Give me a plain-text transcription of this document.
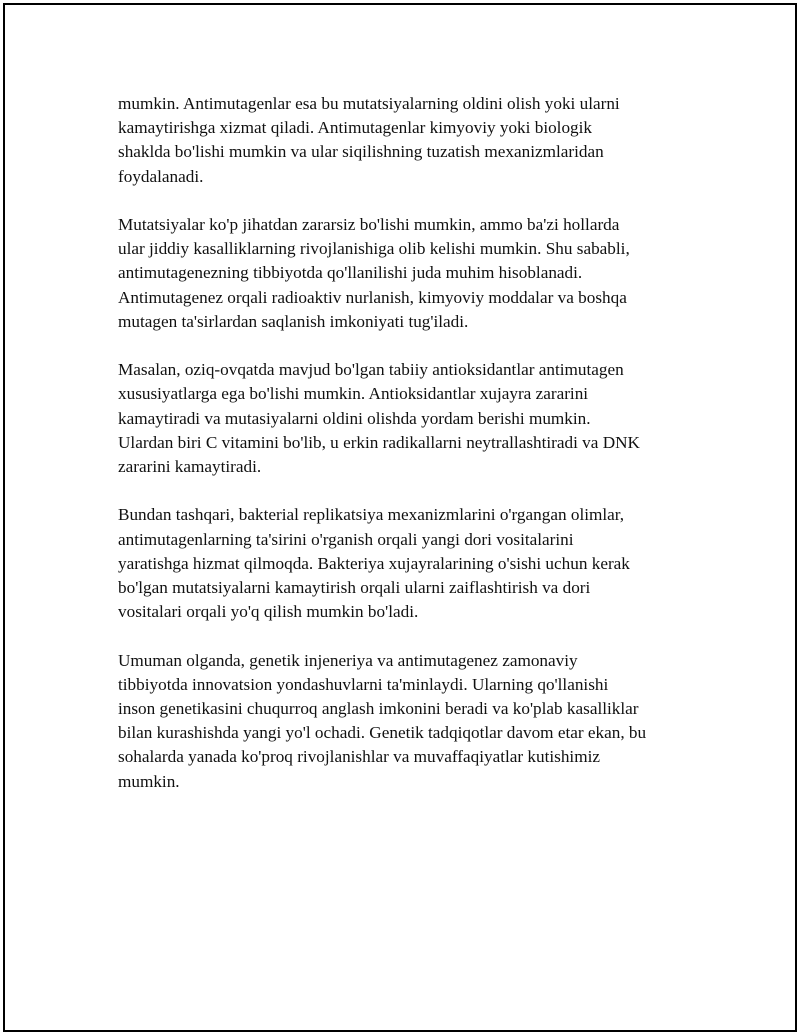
mumkin. Antimutagenlar esa bu mutatsiyalarning oldini olish yoki ularni
kamaytirishga xizmat qiladi. Antimutagenlar kimyoviy yoki biologik
shaklda bo'lishi mumkin va ular siqilishning tuzatish mexanizmlaridan
foydalanadi.

Mutatsiyalar ko'p jihatdan zararsiz bo'lishi mumkin, ammo ba'zi hollarda
ular jiddiy kasalliklarning rivojlanishiga olib kelishi mumkin. Shu sababli,
antimutagenezning tibbiyotda qo'llanilishi juda muhim hisoblanadi.
Antimutagenez orqali radioaktiv nurlanish, kimyoviy moddalar va boshqa
mutagen ta'sirlardan saqlanish imkoniyati tug'iladi.

Masalan, oziq-ovqatda mavjud bo'lgan tabiiy antioksidantlar antimutagen
xususiyatlarga ega bo'lishi mumkin. Antioksidantlar xujayra zararini
kamaytiradi va mutasiyalarni oldini olishda yordam berishi mumkin.
Ulardan biri C vitamini bo'lib, u erkin radikallarni neytrallashtiradi va DNK
zararini kamaytiradi.

Bundan tashqari, bakterial replikatsiya mexanizmlarini o'rgangan olimlar,
antimutagenlarning ta'sirini o'rganish orqali yangi dori vositalarini
yaratishga hizmat qilmoqda. Bakteriya xujayralarining o'sishi uchun kerak
bo'lgan mutatsiyalarni kamaytirish orqali ularni zaiflashtirish va dori
vositalari orqali yo'q qilish mumkin bo'ladi.

Umuman olganda, genetik injeneriya va antimutagenez zamonaviy
tibbiyotda innovatsion yondashuvlarni ta'minlaydi. Ularning qo'llanishi
inson genetikasini chuqurroq anglash imkonini beradi va ko'plab kasalliklar
bilan kurashishda yangi yo'l ochadi. Genetik tadqiqotlar davom etar ekan, bu
sohalarda yanada ko'proq rivojlanishlar va muvaffaqiyatlar kutishimiz
mumkin.
